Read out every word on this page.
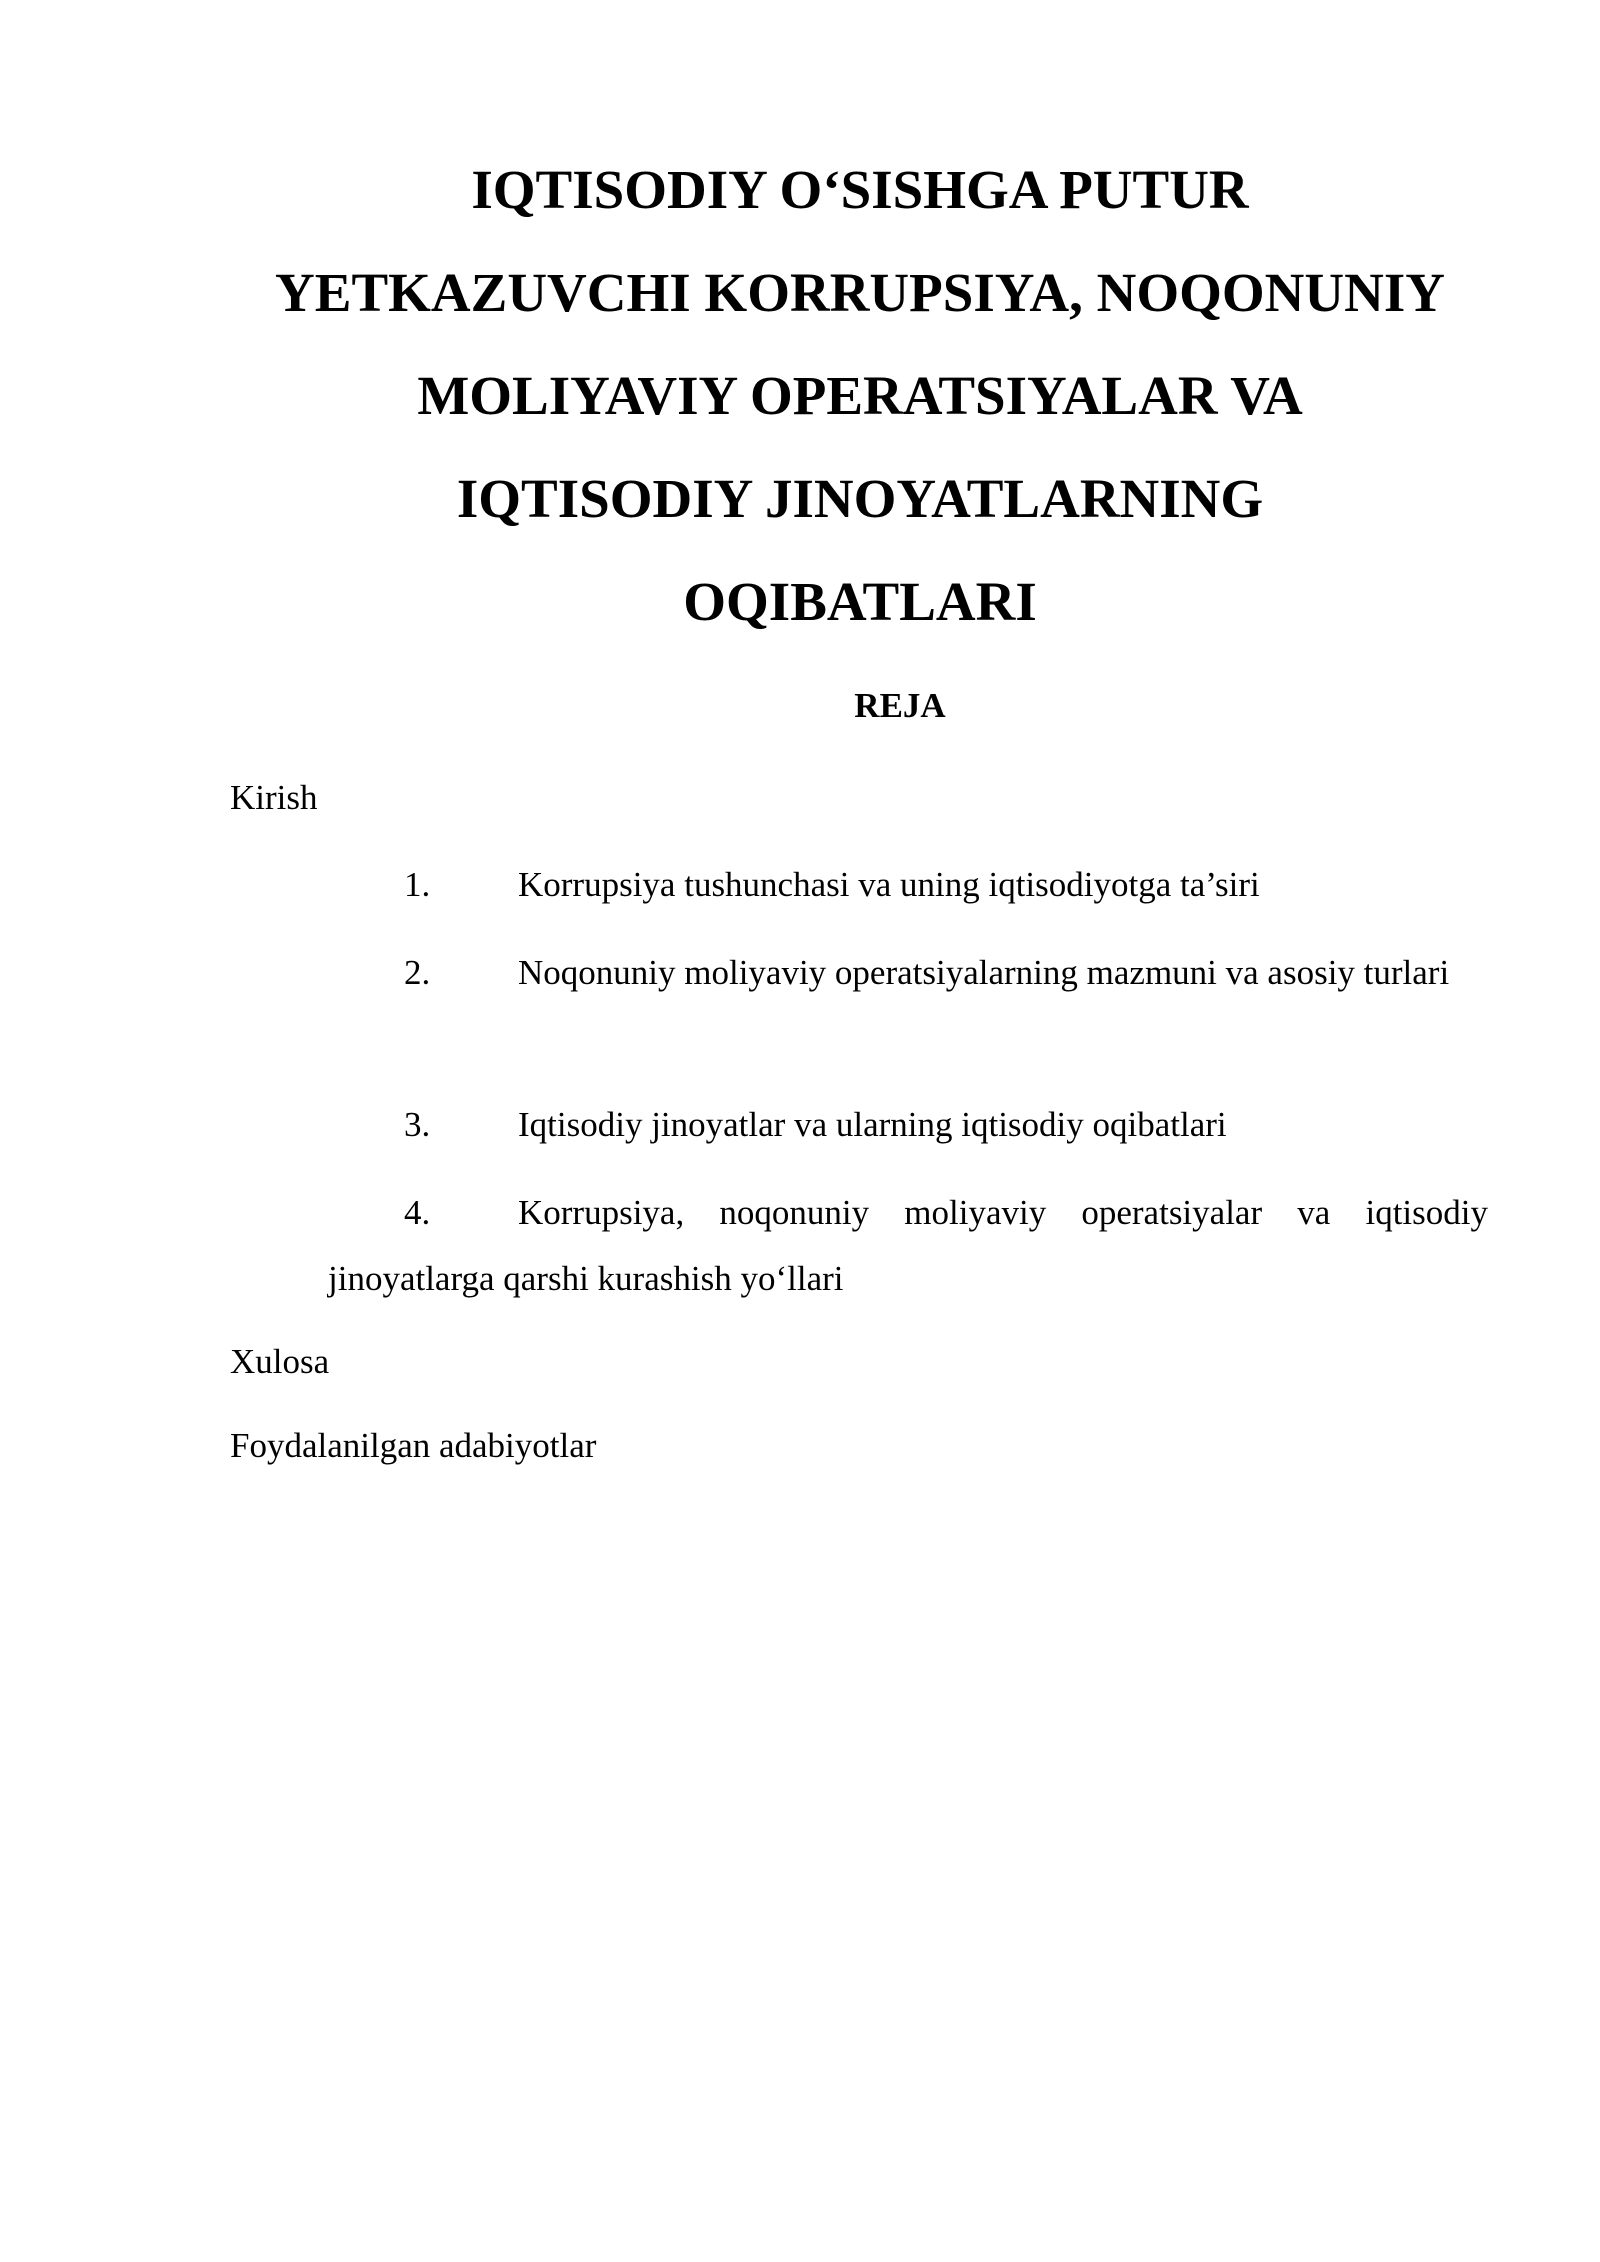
IQTISODIY O‘SISHGA PUTUR
YETKAZUVCHI KORRUPSIYA, NOQONUNIY
MOLIYAVIY OPERATSIYALAR VA
IQTISODIY JINOYATLARNING
OQIBATLARI
REJA

Kirish

1.	Korrupsiya tushunchasi va uning iqtisodiyotga ta’siri
2.	Noqonuniy moliyaviy operatsiyalarning mazmuni va asosiy turlari
3.	Iqtisodiy jinoyatlar va ularning iqtisodiy oqibatlari
4.	Korrupsiya, noqonuniy moliyaviy operatsiyalar va iqtisodiy jinoyatlarga qarshi kurashish yo‘llari

Xulosa

Foydalanilgan adabiyotlar
